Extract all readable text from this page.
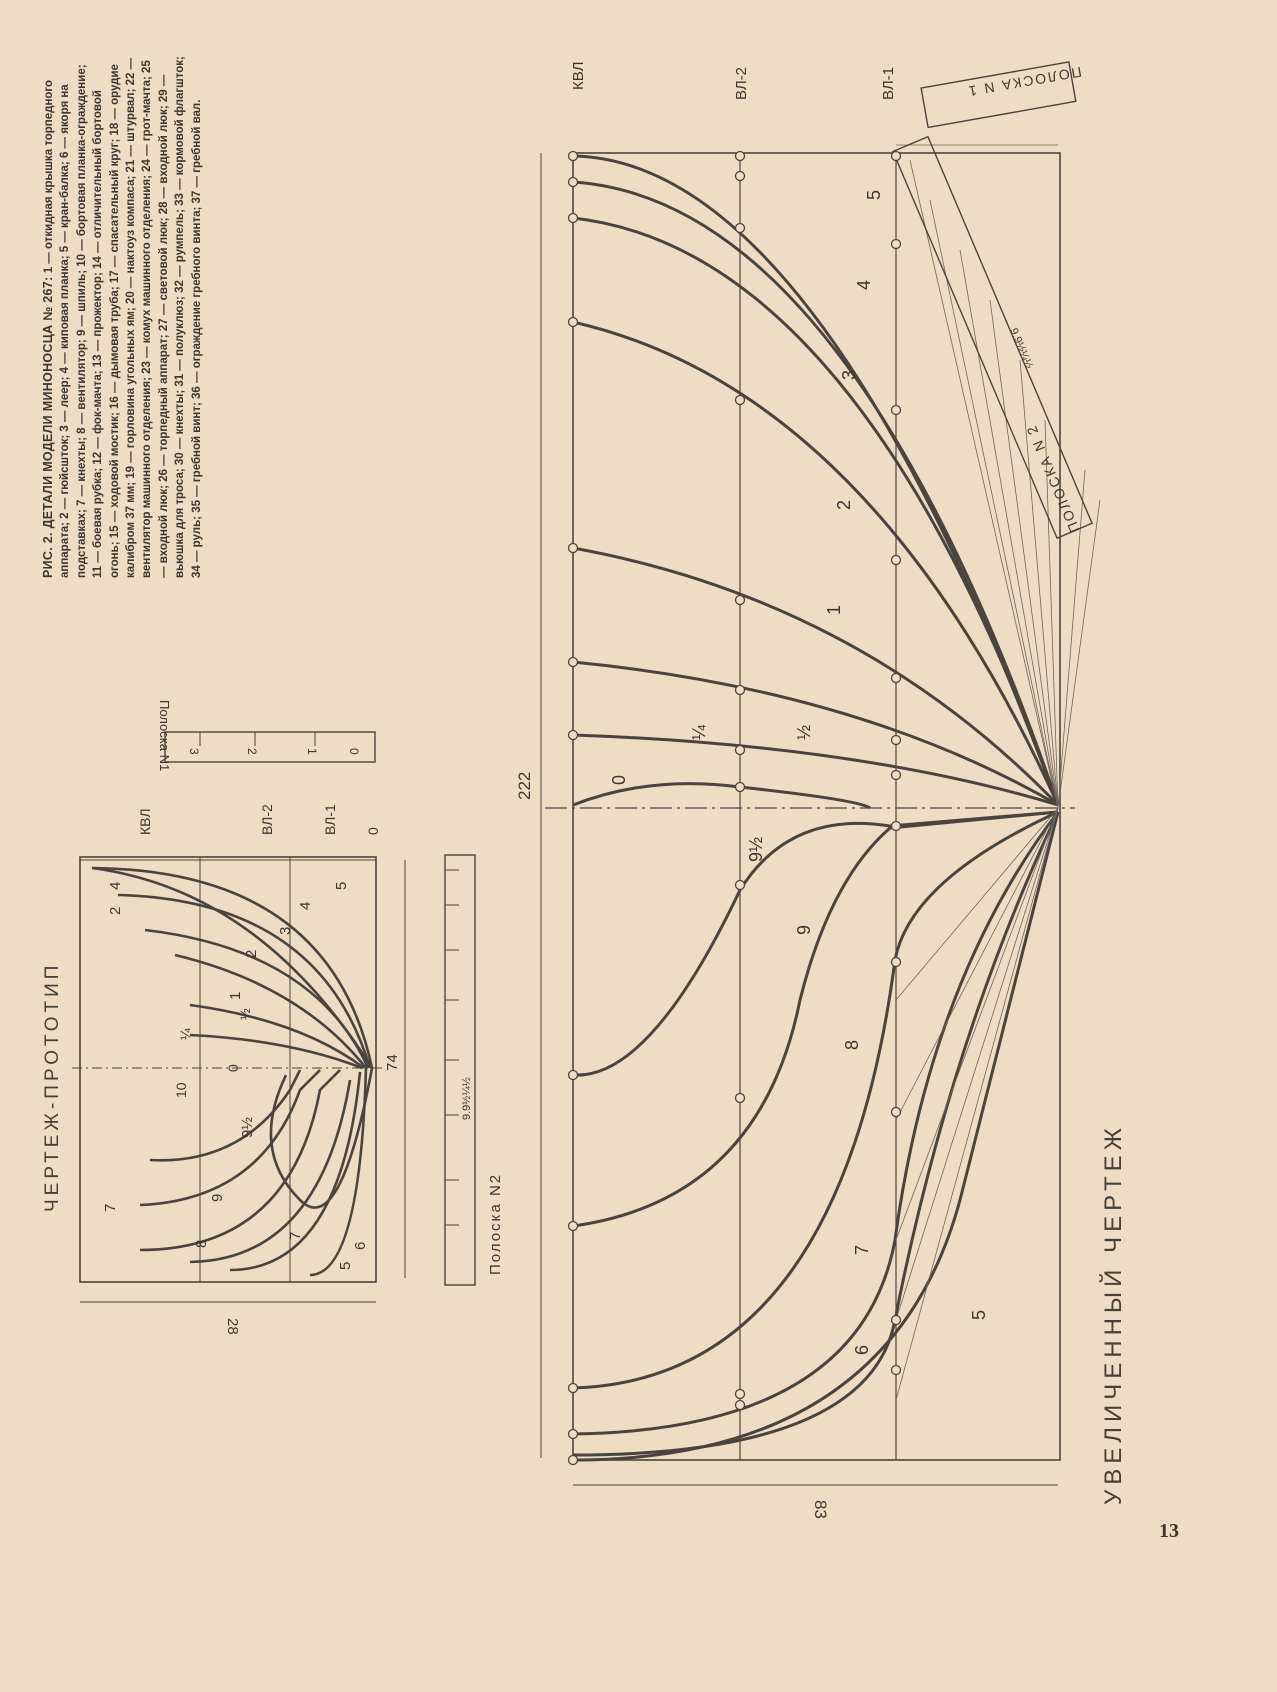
РИС. 2. ДЕТАЛИ МОДЕЛИ МИНОНОСЦА № 267: 1 — откидная крышка торпедного аппарата; 2 — гюйсшток; 3 — леер; 4 — киповая планка; 5 — кран-балка; 6 — якоря на подставках; 7 — кнехты; 8 — вентилятор; 9 — шпиль; 10 — бортовая планка-ограждение; 11 — боевая рубка; 12 — фок-мачта; 13 — прожектор; 14 — отличительный бортовой огонь; 15 — ходовой мостик; 16 — дымовая труба; 17 — спасательный круг; 18 — орудие калибром 37 мм; 19 — горловина угольных ям; 20 — нактоуз компаса; 21 — штурвал; 22 — вентилятор машинного отделения; 23 — комух машинного отделения; 24 — грот-мачта; 25 — входной люк; 26 — торпедный аппарат; 27 — световой люк; 28 — входной люк; 29 — вьюшка для троса; 30 — кнехты; 31 — полуклюз; 32 — румпель; 33 — кормовой флагшток; 34 — руль; 35 — гребной винт; 36 — ограждение гребного винта; 37 — гребной вал.
ЧЕРТЕЖ-ПРОТОТИП
УВЕЛИЧЕННЫЙ ЧЕРТЕЖ
13
КВЛ	ВЛ-2	ВЛ-1 0
Полоска N1 3	2	1 0
Полоска N2
9.9½¼½
74
28
7
2
4
3
4
5
2
1
¼
½
0
10
9½
9
8
7
6
5
КВЛ	ВЛ-2	ВЛ-1	ПОЛОСКА N 1
ПОЛОСКА N 2
9.9½¼½
222
83
5
4
3
2
1
½
¼
0
9½
9
8
7
6
5
